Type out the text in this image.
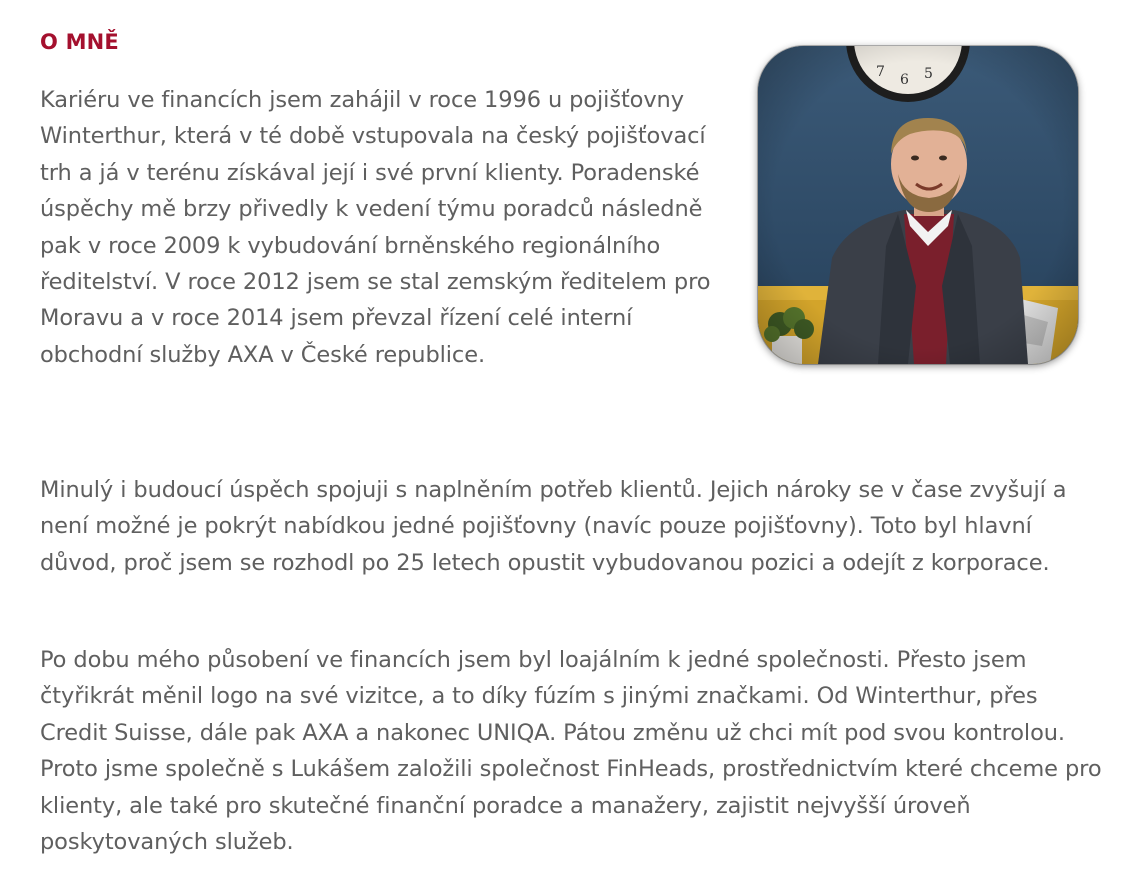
O MNĚ

Kariéru ve financích jsem zahájil v roce 1996 u pojišťovny Winterthur, která v té době vstupovala na český pojišťovací trh a já v terénu získával její i své první klienty. Poradenské úspěchy mě brzy přivedly k vedení týmu poradců následně pak v roce 2009 k vybudování brněnského regionálního ředitelství. V roce 2012 jsem se stal zemským ředitelem pro Moravu a v roce 2014 jsem převzal řízení celé interní obchodní služby AXA v České republice.

Minulý i budoucí úspěch spojuji s naplněním potřeb klientů. Jejich nároky se v čase zvyšují a není možné je pokrýt nabídkou jedné pojišťovny (navíc pouze pojišťovny). Toto byl hlavní důvod, proč jsem se rozhodl po 25 letech opustit vybudovanou pozici a odejít z korporace.

Po dobu mého působení ve financích jsem byl loajálním k jedné společnosti. Přesto jsem čtyřikrát měnil logo na své vizitce, a to díky fúzím s jinými značkami. Od Winterthur, přes Credit Suisse, dále pak AXA a nakonec UNIQA. Pátou změnu už chci mít pod svou kontrolou. Proto jsme společně s Lukášem založili společnost FinHeads, prostřednictvím které chceme pro klienty, ale také pro skutečné finanční poradce a manažery, zajistit nejvyšší úroveň poskytovaných služeb.
